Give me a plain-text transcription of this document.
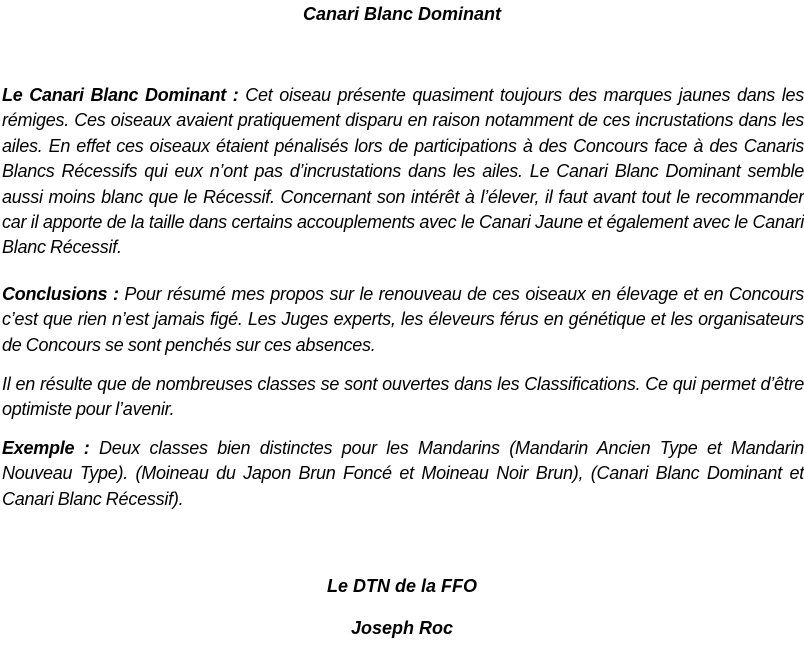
Canari Blanc Dominant

Le Canari Blanc Dominant : Cet oiseau présente quasiment toujours des marques jaunes dans les rémiges. Ces oiseaux avaient pratiquement disparu en raison notamment de ces incrustations dans les ailes. En effet ces oiseaux étaient pénalisés lors de participations à des Concours face à des Canaris Blancs Récessifs qui eux n’ont pas d’incrustations dans les ailes. Le Canari Blanc Dominant semble aussi moins blanc que le Récessif. Concernant son intérêt à l’élever, il faut avant tout le recommander car il apporte de la taille dans certains accouplements avec le Canari Jaune et également avec le Canari Blanc Récessif.

Conclusions : Pour résumé mes propos sur le renouveau de ces oiseaux en élevage et en Concours c’est que rien n’est jamais figé. Les Juges experts, les éleveurs férus en génétique et les organisateurs de Concours se sont penchés sur ces absences.

Il en résulte que de nombreuses classes se sont ouvertes dans les Classifications. Ce qui permet d’être optimiste pour l’avenir.

Exemple : Deux classes bien distinctes pour les Mandarins (Mandarin Ancien Type et Mandarin Nouveau Type). (Moineau du Japon Brun Foncé et Moineau Noir Brun), (Canari Blanc Dominant et Canari Blanc Récessif).

Le DTN de la FFO
Joseph Roc
